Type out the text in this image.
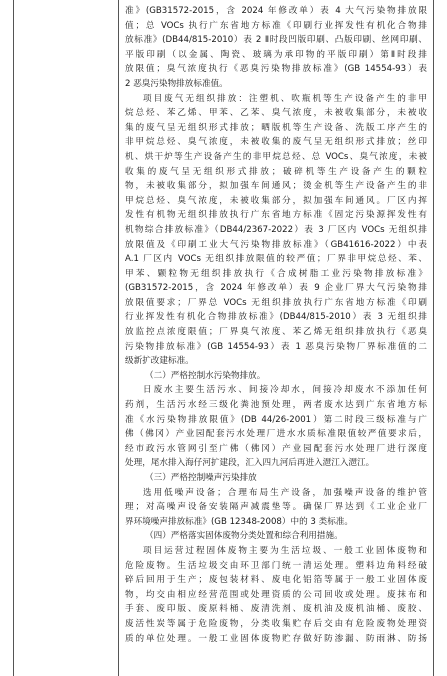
准》(GB31572-2015，含 2024 年修改单）表 4 大气污染物排放限
值；总 VOCs 执行广东省地方标准《印刷行业挥发性有机化合物排
放标准》(DB44/815-2010）表 2 Ⅱ时段凹版印刷、凸版印刷、丝网印刷、
平版印刷（以金属、陶瓷、玻璃为承印物的平版印刷）第Ⅱ时段排
放限值；臭气浓度执行《恶臭污染物排放标准》(GB 14554-93）表
2 恶臭污染物排放标准值。
项目废气无组织排放：注塑机、吹瓶机等生产设备产生的非甲
烷总烃、苯乙烯、甲苯、乙苯、臭气浓度，未被收集部分，未被收
集的废气呈无组织形式排放；晒版机等生产设备、洗版工序产生的
非甲烷总烃、臭气浓度，未被收集的废气呈无组织形式排放；丝印
机、烘干炉等生产设备产生的非甲烷总烃、总 VOCs、臭气浓度，未被
收集的废气呈无组织形式排放；破碎机等生产设备产生的颗粒
物，未被收集部分，拟加强车间通风；烫金机等生产设备产生的非
甲烷总烃、臭气浓度，未被收集部分，拟加强车间通风。厂区内挥
发性有机物无组织排放执行广东省地方标准《固定污染源挥发性有
机物综合排放标准》（DB44/2367-2022）表 3 厂区内 VOCs 无组织排
放限值及《印刷工业大气污染物排放标准》（GB41616-2022）中表
A.1 厂区内 VOCs 无组织排放限值的较严值；厂界非甲烷总烃、苯、
甲苯、颗粒物无组织排放执行《合成树脂工业污染物排放标准》
(GB31572-2015，含 2024 年修改单）表 9 企业厂界大气污染物排
放限值要求；厂界总 VOCs 无组织排放执行广东省地方标准《印刷
行业挥发性有机化合物排放标准》(DB44/815-2010）表 3 无组织排
放监控点浓度限值；厂界臭气浓度、苯乙烯无组织排放执行《恶臭
污染物排放标准》(GB 14554-93）表 1 恶臭污染物厂界标准值的二
级新扩改建标准。
（二）严格控制水污染物排放。
日废水主要生活污水、间接冷却水，间接冷却废水不添加任何
药剂，生活污水经三级化粪池预处理，两者废水达到广东省地方标
准《水污染物排放限值》(DB 44/26-2001）第二时段三级标准与广
佛（佛冈）产业园配套污水处理厂进水水质标准限值较严值要求后，
经市政污水管网引至广佛（佛冈）产业园配套污水处理厂进行深度
处理，尾水排入海仔河扩建段，汇入四九河后再进入潖江入潖江。
（三）严格控制噪声污染排放
选用低噪声设备；合理布局生产设备，加强噪声设备的维护管
理；对高噪声设备安装隔声减震垫等。确保厂界达到《工业企业厂
界环境噪声排放标准》(GB 12348-2008）中的 3 类标准。
（四）严格落实固体废物分类处置和综合利用措施。
项目运营过程固体废物主要为生活垃圾、一般工业固体废物和
危险废物。生活垃圾交由环卫部门统一清运处理。塑料边角料经破
碎后回用于生产；废包装材料、废电化铝箔等属于一般工业固体废
物，均交由相应经营范围或处理资质的公司回收或处理。废抹布和
手套、废印版、废原料桶、废清洗剂、废机油及废机油桶、废胶、
废活性炭等属于危险废物，分类收集贮存后交由有危险废物处理资
质的单位处理。一般工业固体废物贮存做好防渗漏、防雨淋、防扬
